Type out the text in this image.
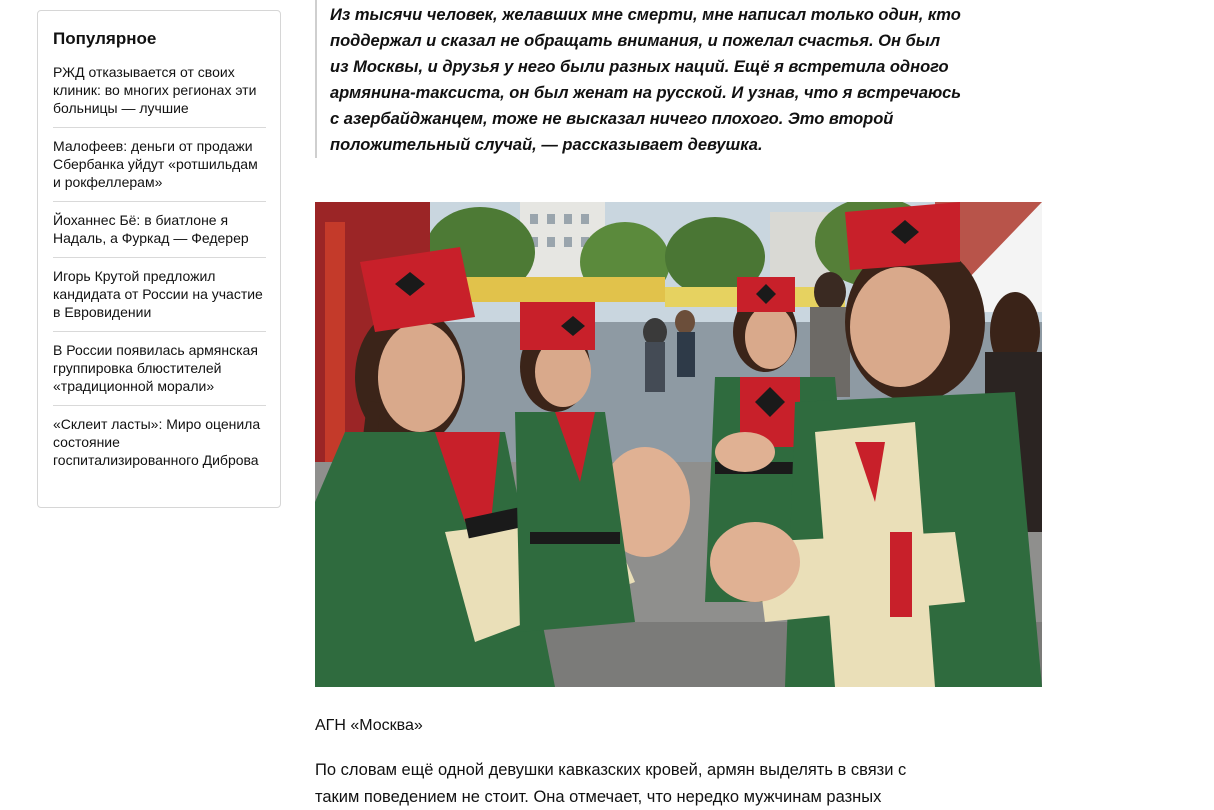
Популярное
РЖД отказывается от своих клиник: во многих регионах эти больницы — лучшие
Малофеев: деньги от продажи Сбербанка уйдут «ротшильдам и рокфеллерам»
Йоханнес Бё: в биатлоне я Надаль, а Фуркад — Федерер
Игорь Крутой предложил кандидата от России на участие в Евровидении
В России появилась армянская группировка блюстителей «традиционной морали»
«Склеит ласты»: Миро оценила состояние госпитализированного Диброва

Из тысячи человек, желавших мне смерти, мне написал только один, кто
поддержал и сказал не обращать внимания, и пожелал счастья. Он был
из Москвы, и друзья у него были разных наций. Ещё я встретила одного
армянина-таксиста, он был женат на русской. И узнав, что я встречаюсь
с азербайджанцем, тоже не высказал ничего плохого. Это второй
положительный случай, — рассказывает девушка.

АГН «Москва»

По словам ещё одной девушки кавказских кровей, армян выделять в связи с
таким поведением не стоит. Она отмечает, что нередко мужчинам разных
